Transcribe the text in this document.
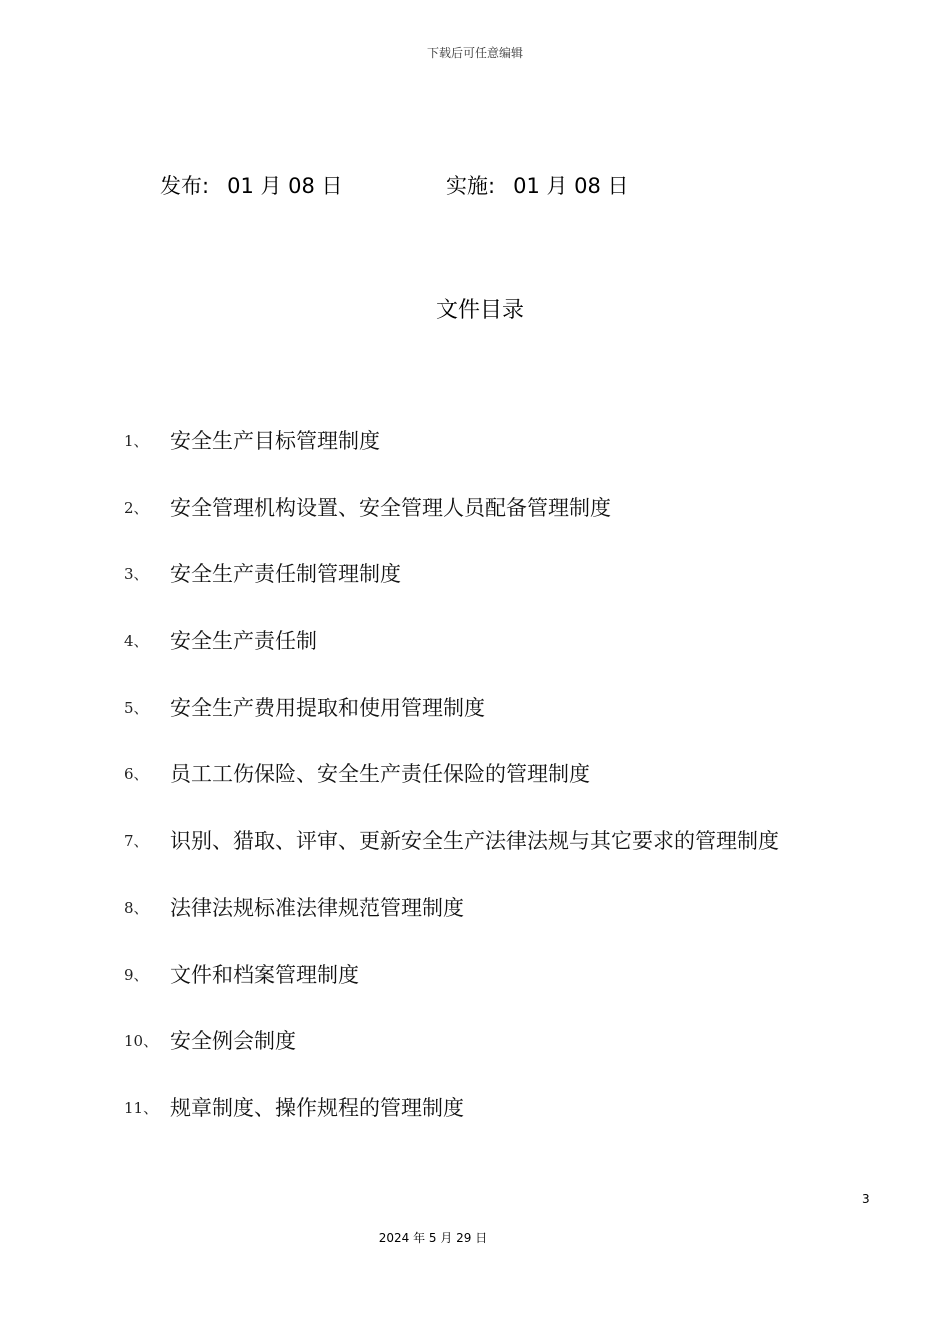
下载后可任意编辑
发布: 01 月 08 日	实施: 01 月 08 日
文件目录
1、	安全生产目标管理制度
2、	安全管理机构设置、安全管理人员配备管理制度
3、	安全生产责任制管理制度
4、	安全生产责任制
5、	安全生产费用提取和使用管理制度
6、	员工工伤保险、安全生产责任保险的管理制度
7、	识别、猎取、评审、更新安全生产法律法规与其它要求的管理制度
8、	法律法规标准法律规范管理制度
9、	文件和档案管理制度
10、 安全例会制度
11、 规章制度、操作规程的管理制度
3
2024 年 5 月 29 日
